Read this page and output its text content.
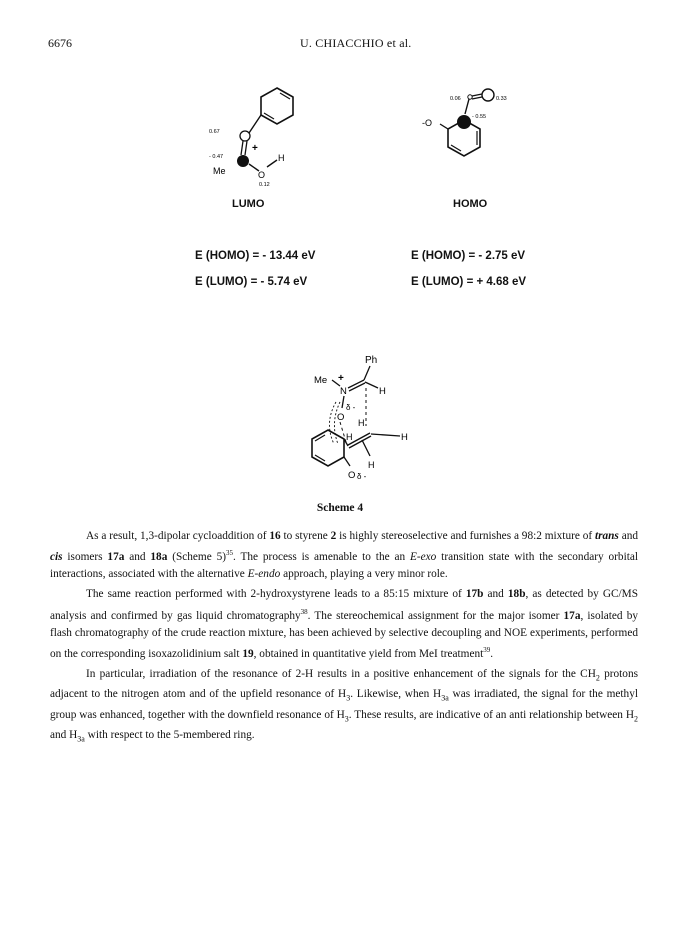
6676	U. CHIACCHIO et al.
0.67
- 0.47
+
Me	O
H
0.12
0.06	0.33
- 0.55
-O
LUMO	HOMO
E (HOMO) = - 13.44 eV
E (LUMO) = - 5.74 eV
E (HOMO) = - 2.75 eV
E (LUMO) = + 4.68 eV
Ph
Me +
N	H
δ -
O H
H	H
H
O δ -
Scheme 4

As a result, 1,3-dipolar cycloaddition of 16 to styrene 2 is highly stereoselective and furnishes a 98:2 mixture of trans and cis isomers 17a and 18a (Scheme 5)$^{35}$. The process is amenable to the an E-exo transition state with the secondary orbital interactions, associated with the alternative E-endo approach, playing a very minor role.

The same reaction performed with 2-hydroxystyrene leads to a 85:15 mixture of 17b and 18b, as detected by GC/MS analysis and confirmed by gas liquid chromatography$^{38}$. The stereochemical assignment for the major isomer 17a, isolated by flash chromatography of the crude reaction mixture, has been achieved by selective decoupling and NOE experiments, performed on the corresponding isoxazolidinium salt 19, obtained in quantitative yield from MeI treatment$^{39}$.

In particular, irradiation of the resonance of 2-H results in a positive enhancement of the signals for the $CH_2$ protons adjacent to the nitrogen atom and of the upfield resonance of $H_3$. Likewise, when $H_{3a}$ was irradiated, the signal for the methyl group was enhanced, together with the downfield resonance of $H_3$. These results, are indicative of an anti relationship between $H_2$ and $H_{3a}$ with respect to the 5-membered ring.
